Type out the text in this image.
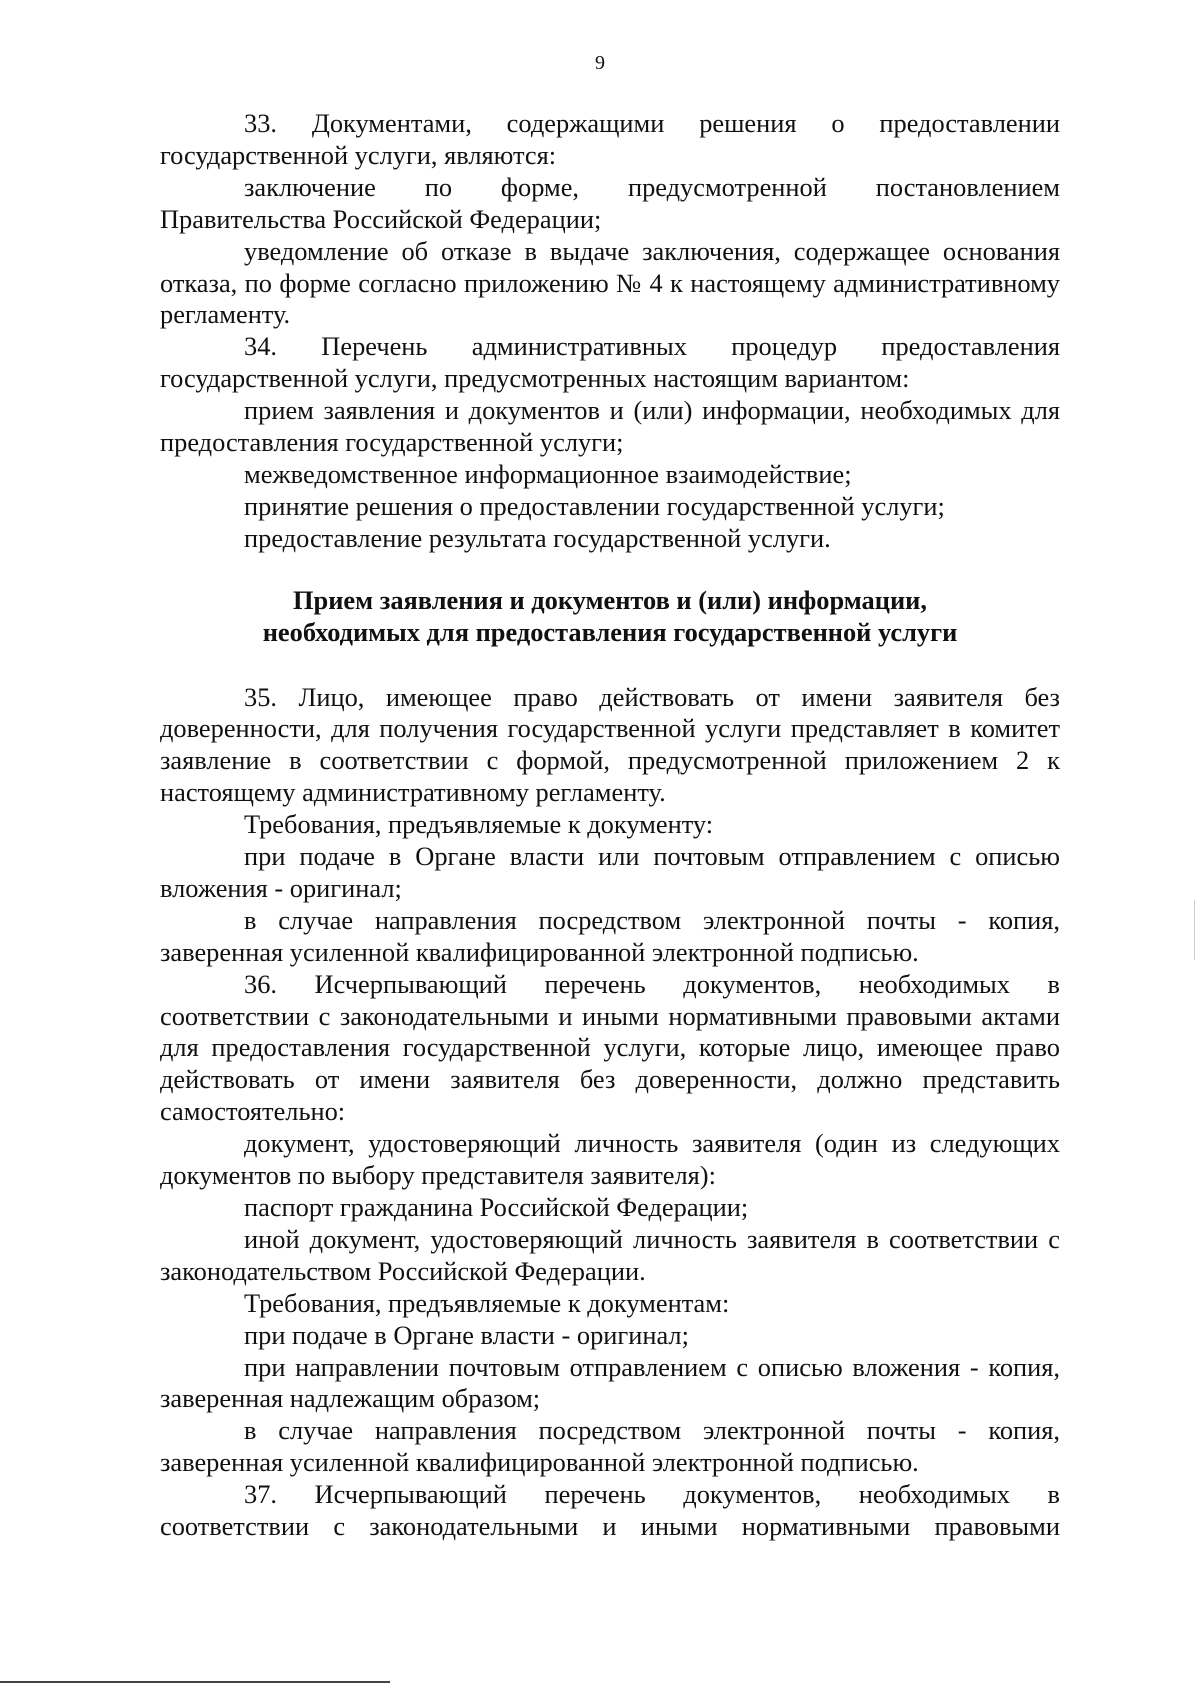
9

33. Документами, содержащими решения о предоставлении государственной услуги, являются:

заключение по форме, предусмотренной постановлением Правительства Российской Федерации;

уведомление об отказе в выдаче заключения, содержащее основания отказа, по форме согласно приложению № 4 к настоящему административному регламенту.

34. Перечень административных процедур предоставления государственной услуги, предусмотренных настоящим вариантом:

прием заявления и документов и (или) информации, необходимых для предоставления государственной услуги;

межведомственное информационное взаимодействие;

принятие решения о предоставлении государственной услуги;

предоставление результата государственной услуги.

Прием заявления и документов и (или) информации,

необходимых для предоставления государственной услуги

35. Лицо, имеющее право действовать от имени заявителя без доверенности, для получения государственной услуги представляет в комитет заявление в соответствии с формой, предусмотренной приложением 2 к настоящему административному регламенту.

Требования, предъявляемые к документу:

при подаче в Органе власти или почтовым отправлением с описью вложения - оригинал;

в случае направления посредством электронной почты - копия, заверенная усиленной квалифицированной электронной подписью.

36. Исчерпывающий перечень документов, необходимых в соответствии с законодательными и иными нормативными правовыми актами для предоставления государственной услуги, которые лицо, имеющее право действовать от имени заявителя без доверенности, должно представить самостоятельно:

документ, удостоверяющий личность заявителя (один из следующих документов по выбору представителя заявителя):

паспорт гражданина Российской Федерации;

иной документ, удостоверяющий личность заявителя в соответствии с законодательством Российской Федерации.

Требования, предъявляемые к документам:

при подаче в Органе власти - оригинал;

при направлении почтовым отправлением с описью вложения - копия, заверенная надлежащим образом;

в случае направления посредством электронной почты - копия, заверенная усиленной квалифицированной электронной подписью.

37. Исчерпывающий перечень документов, необходимых в соответствии с законодательными и иными нормативными правовыми
